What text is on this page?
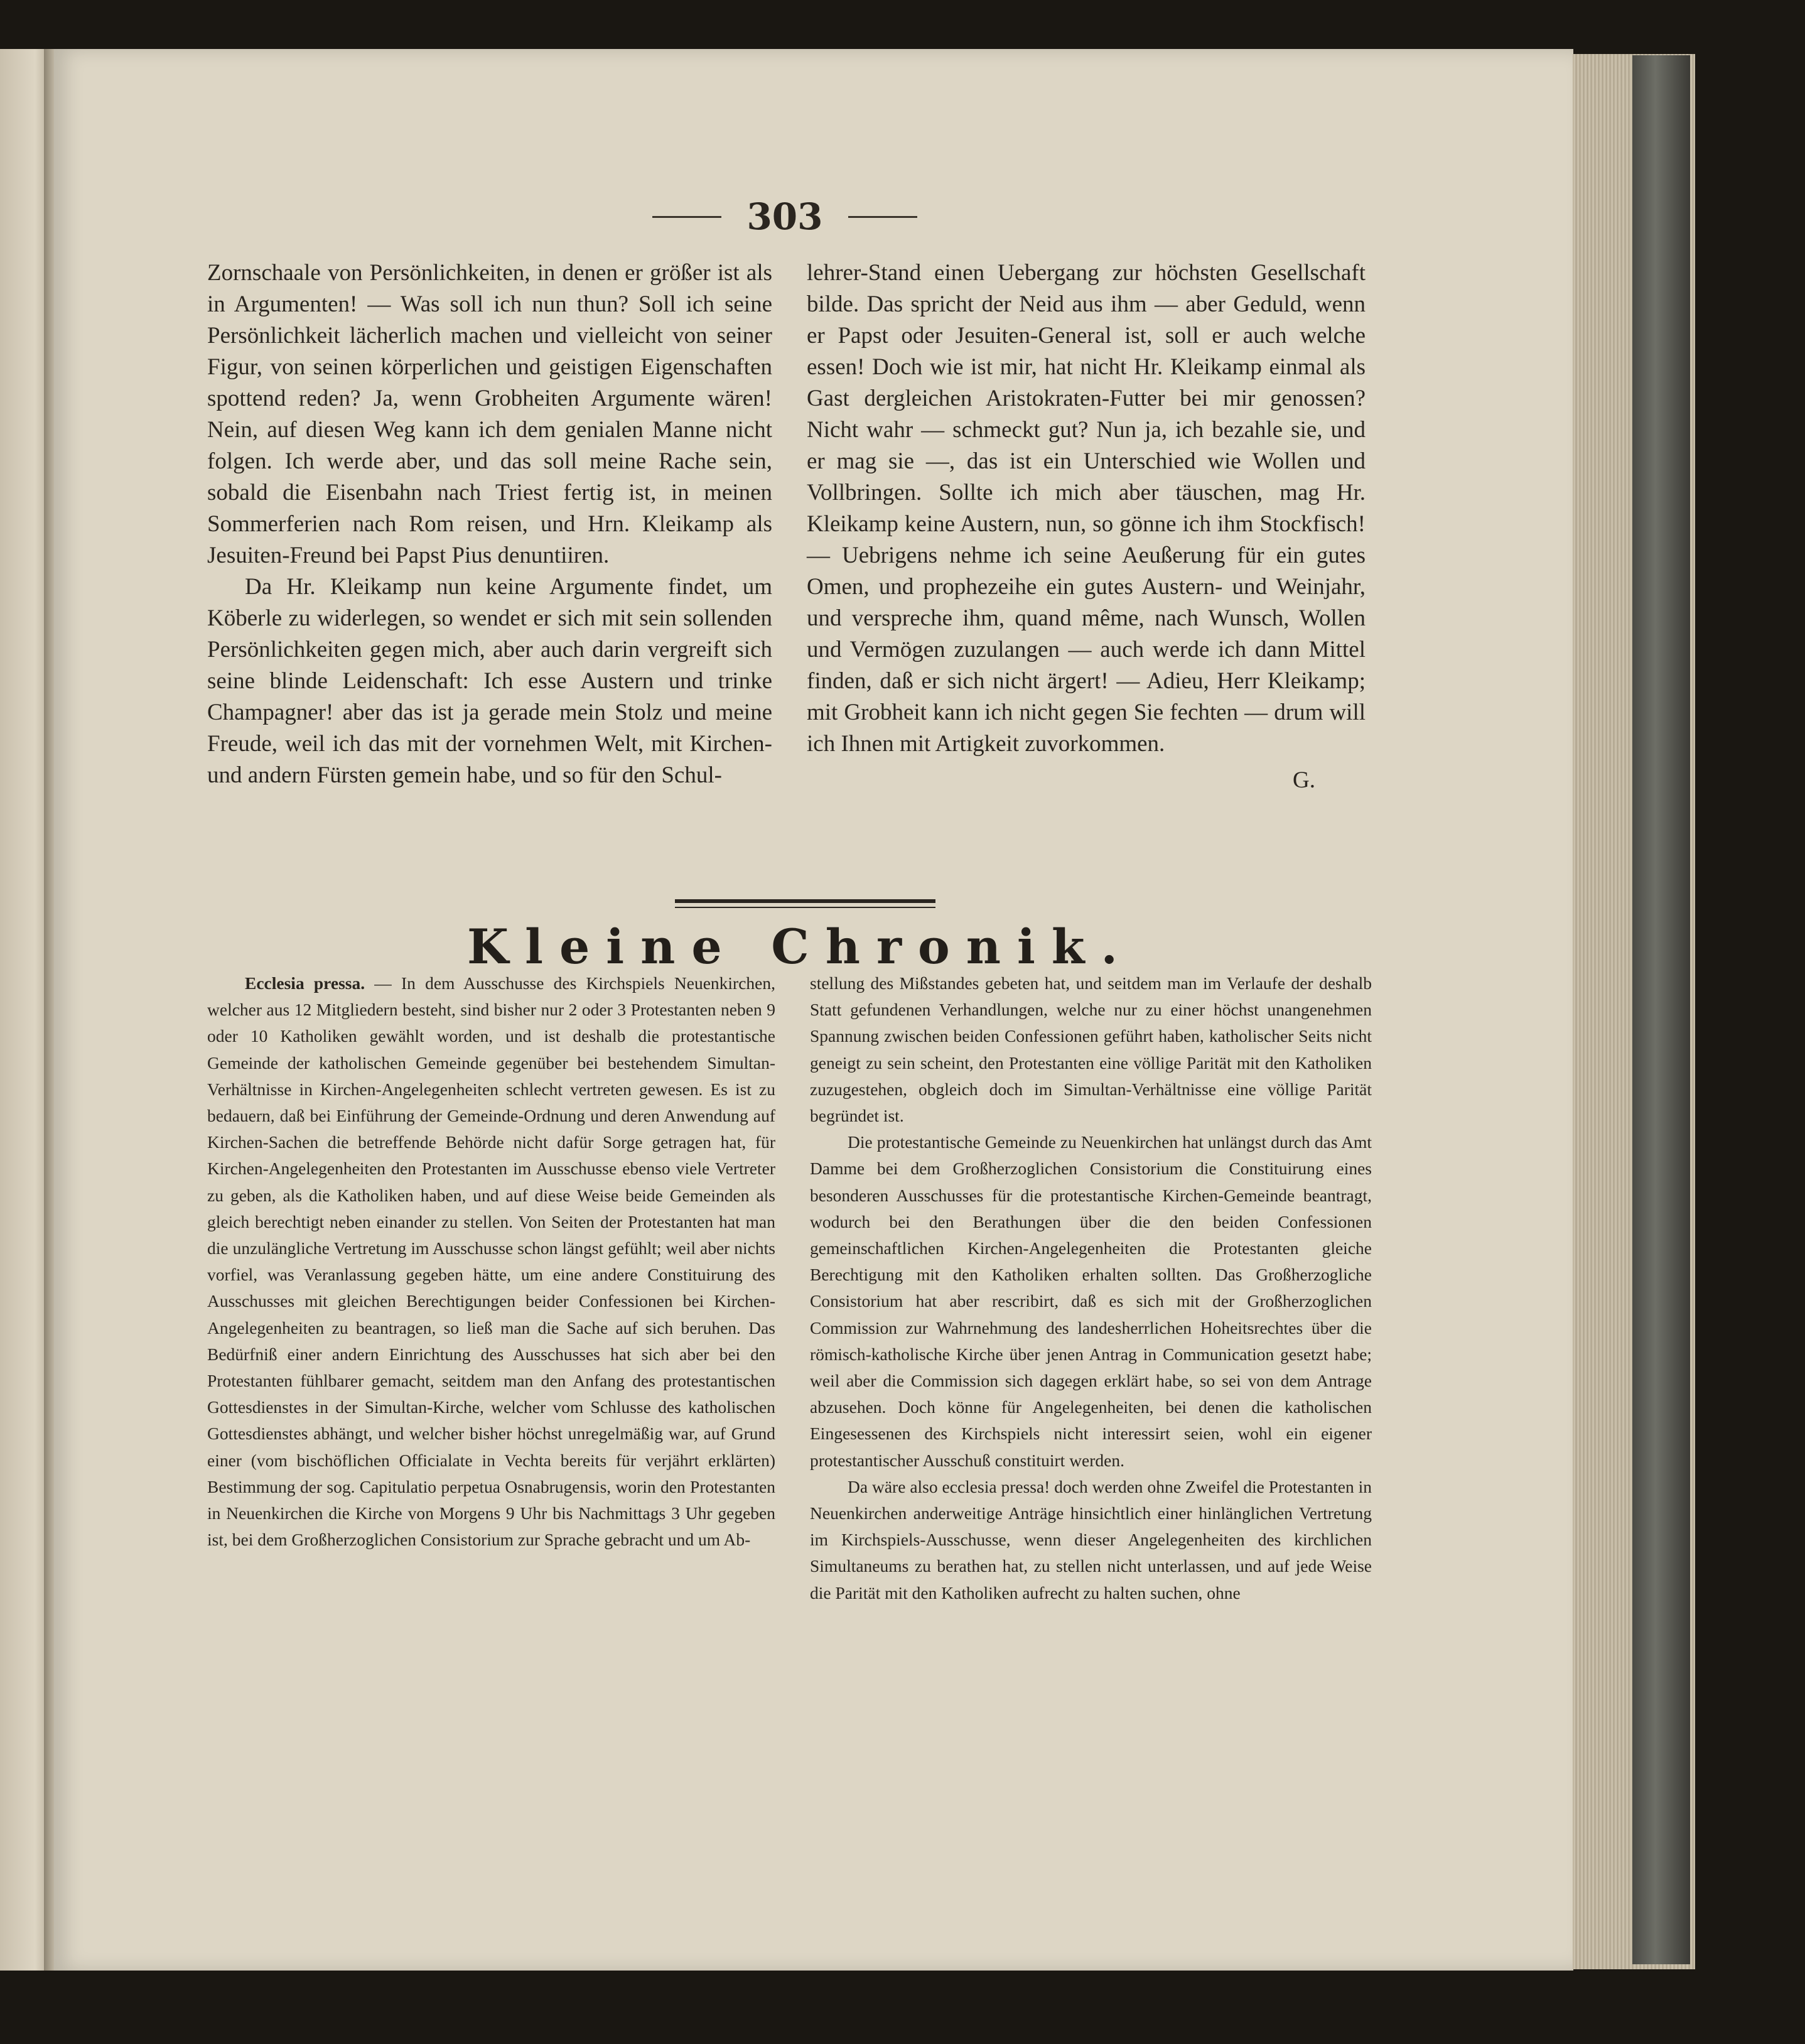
303

Zornschaale von Persönlichkeiten, in denen er größer ist als in Argumenten! — Was soll ich nun thun? Soll ich seine Persönlichkeit lächerlich machen und vielleicht von seiner Figur, von seinen körperlichen und geistigen Eigenschaften spottend reden? Ja, wenn Grobheiten Argumente wären! Nein, auf diesen Weg kann ich dem genialen Manne nicht folgen. Ich werde aber, und das soll meine Rache sein, sobald die Eisenbahn nach Triest fertig ist, in meinen Sommerferien nach Rom reisen, und Hrn. Kleikamp als Jesuiten-Freund bei Papst Pius denuntiiren.

Da Hr. Kleikamp nun keine Argumente findet, um Köberle zu widerlegen, so wendet er sich mit sein sollenden Persönlichkeiten gegen mich, aber auch darin vergreift sich seine blinde Leidenschaft: Ich esse Austern und trinke Champagner! aber das ist ja gerade mein Stolz und meine Freude, weil ich das mit der vornehmen Welt, mit Kirchen- und andern Fürsten gemein habe, und so für den Schul-

lehrer-Stand einen Uebergang zur höchsten Gesellschaft bilde. Das spricht der Neid aus ihm — aber Geduld, wenn er Papst oder Jesuiten-General ist, soll er auch welche essen! Doch wie ist mir, hat nicht Hr. Kleikamp einmal als Gast dergleichen Aristokraten-Futter bei mir genossen? Nicht wahr — schmeckt gut? Nun ja, ich bezahle sie, und er mag sie —, das ist ein Unterschied wie Wollen und Vollbringen. Sollte ich mich aber täuschen, mag Hr. Kleikamp keine Austern, nun, so gönne ich ihm Stockfisch! — Uebrigens nehme ich seine Aeußerung für ein gutes Omen, und prophezeihe ein gutes Austern- und Weinjahr, und verspreche ihm, quand même, nach Wunsch, Wollen und Vermögen zuzulangen — auch werde ich dann Mittel finden, daß er sich nicht ärgert! — Adieu, Herr Kleikamp; mit Grobheit kann ich nicht gegen Sie fechten — drum will ich Ihnen mit Artigkeit zuvorkommen.

G.

Kleine Chronik.

Ecclesia pressa. — In dem Ausschusse des Kirchspiels Neuenkirchen, welcher aus 12 Mitgliedern besteht, sind bisher nur 2 oder 3 Protestanten neben 9 oder 10 Katholiken gewählt worden, und ist deshalb die protestantische Gemeinde der katholischen Gemeinde gegenüber bei bestehendem Simultan-Verhältnisse in Kirchen-Angelegenheiten schlecht vertreten gewesen. Es ist zu bedauern, daß bei Einführung der Gemeinde-Ordnung und deren Anwendung auf Kirchen-Sachen die betreffende Behörde nicht dafür Sorge getragen hat, für Kirchen-Angelegenheiten den Protestanten im Ausschusse ebenso viele Vertreter zu geben, als die Katholiken haben, und auf diese Weise beide Gemeinden als gleich berechtigt neben einander zu stellen. Von Seiten der Protestanten hat man die unzulängliche Vertretung im Ausschusse schon längst gefühlt; weil aber nichts vorfiel, was Veranlassung gegeben hätte, um eine andere Constituirung des Ausschusses mit gleichen Berechtigungen beider Confessionen bei Kirchen-Angelegenheiten zu beantragen, so ließ man die Sache auf sich beruhen. Das Bedürfniß einer andern Einrichtung des Ausschusses hat sich aber bei den Protestanten fühlbarer gemacht, seitdem man den Anfang des protestantischen Gottesdienstes in der Simultan-Kirche, welcher vom Schlusse des katholischen Gottesdienstes abhängt, und welcher bisher höchst unregelmäßig war, auf Grund einer (vom bischöflichen Officialate in Vechta bereits für verjährt erklärten) Bestimmung der sog. Capitulatio perpetua Osnabrugensis, worin den Protestanten in Neuenkirchen die Kirche von Morgens 9 Uhr bis Nachmittags 3 Uhr gegeben ist, bei dem Großherzoglichen Consistorium zur Sprache gebracht und um Ab-

stellung des Mißstandes gebeten hat, und seitdem man im Verlaufe der deshalb Statt gefundenen Verhandlungen, welche nur zu einer höchst unangenehmen Spannung zwischen beiden Confessionen geführt haben, katholischer Seits nicht geneigt zu sein scheint, den Protestanten eine völlige Parität mit den Katholiken zuzugestehen, obgleich doch im Simultan-Verhältnisse eine völlige Parität begründet ist.

Die protestantische Gemeinde zu Neuenkirchen hat unlängst durch das Amt Damme bei dem Großherzoglichen Consistorium die Constituirung eines besonderen Ausschusses für die protestantische Kirchen-Gemeinde beantragt, wodurch bei den Berathungen über die den beiden Confessionen gemeinschaftlichen Kirchen-Angelegenheiten die Protestanten gleiche Berechtigung mit den Katholiken erhalten sollten. Das Großherzogliche Consistorium hat aber rescribirt, daß es sich mit der Großherzoglichen Commission zur Wahrnehmung des landesherrlichen Hoheitsrechtes über die römisch-katholische Kirche über jenen Antrag in Communication gesetzt habe; weil aber die Commission sich dagegen erklärt habe, so sei von dem Antrage abzusehen. Doch könne für Angelegenheiten, bei denen die katholischen Eingesessenen des Kirchspiels nicht interessirt seien, wohl ein eigener protestantischer Ausschuß constituirt werden.

Da wäre also ecclesia pressa! doch werden ohne Zweifel die Protestanten in Neuenkirchen anderweitige Anträge hinsichtlich einer hinlänglichen Vertretung im Kirchspiels-Ausschusse, wenn dieser Angelegenheiten des kirchlichen Simultaneums zu berathen hat, zu stellen nicht unterlassen, und auf jede Weise die Parität mit den Katholiken aufrecht zu halten suchen, ohne
